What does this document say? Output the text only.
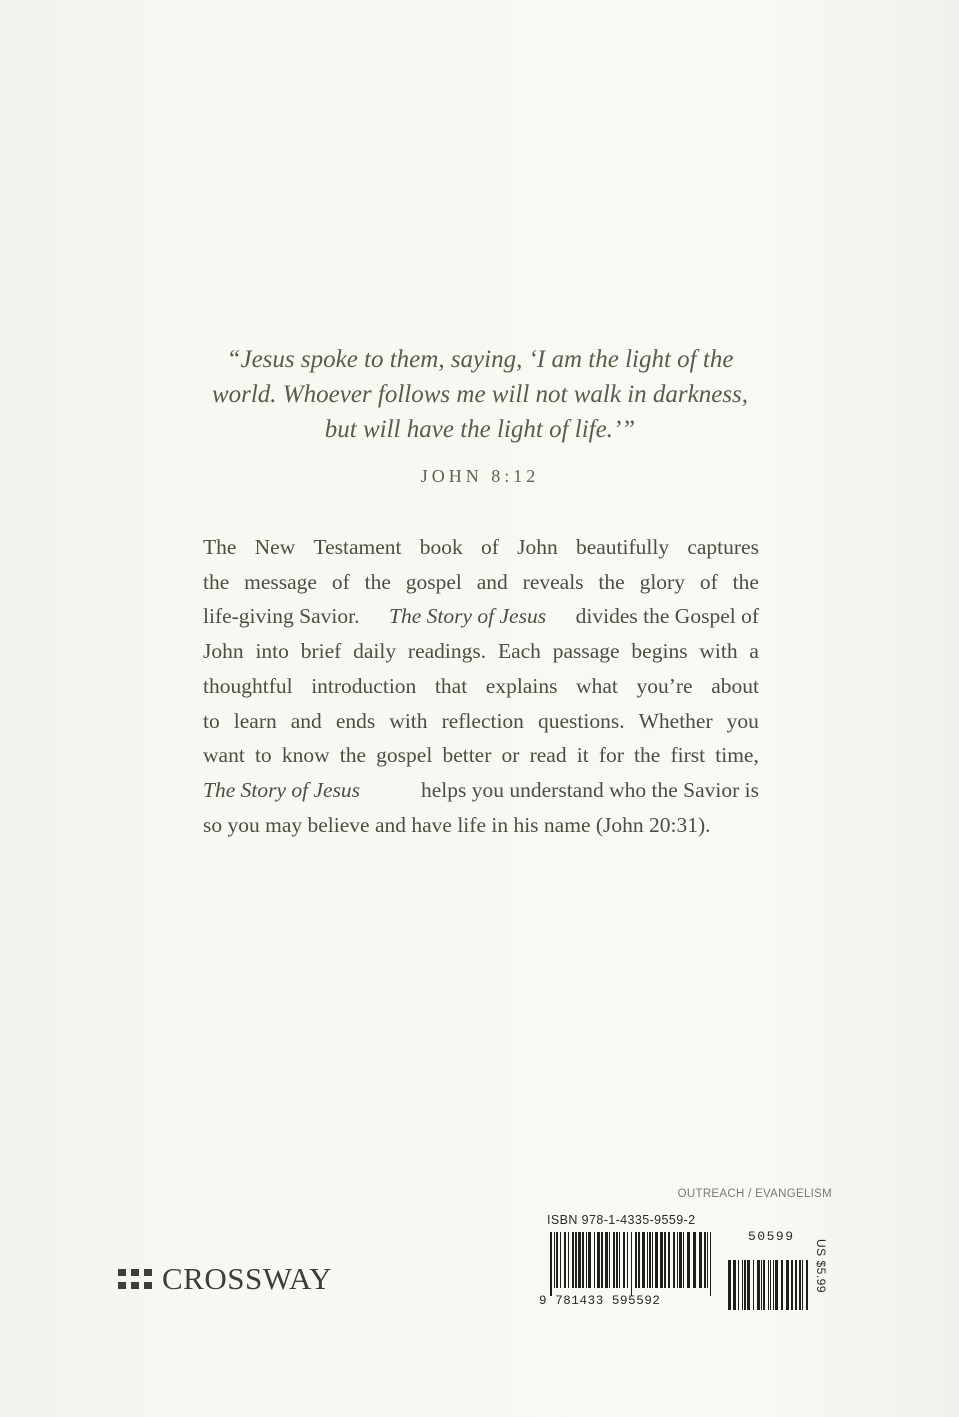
“Jesus spoke to them, saying, ‘I am the light of the
world. Whoever follows me will not walk in darkness,
but will have the light of life.’”
JOHN 8:12
The New Testament book of John beautifully captures
the message of the gospel and reveals the glory of the
life-giving Savior. The Story of Jesus divides the Gospel of
John into brief daily readings. Each passage begins with a
thoughtful introduction that explains what you’re about
to learn and ends with reflection questions. Whether you
want to know the gospel better or read it for the first time,
The Story of Jesus	helps you understand who the Savior is
so you may believe and have life in his name (John 20:31).
OUTREACH / EVANGELISM
ISBN 978-1-4335-9559-2
50599
9 781433 595592
US $5.99
CROSSWAY
